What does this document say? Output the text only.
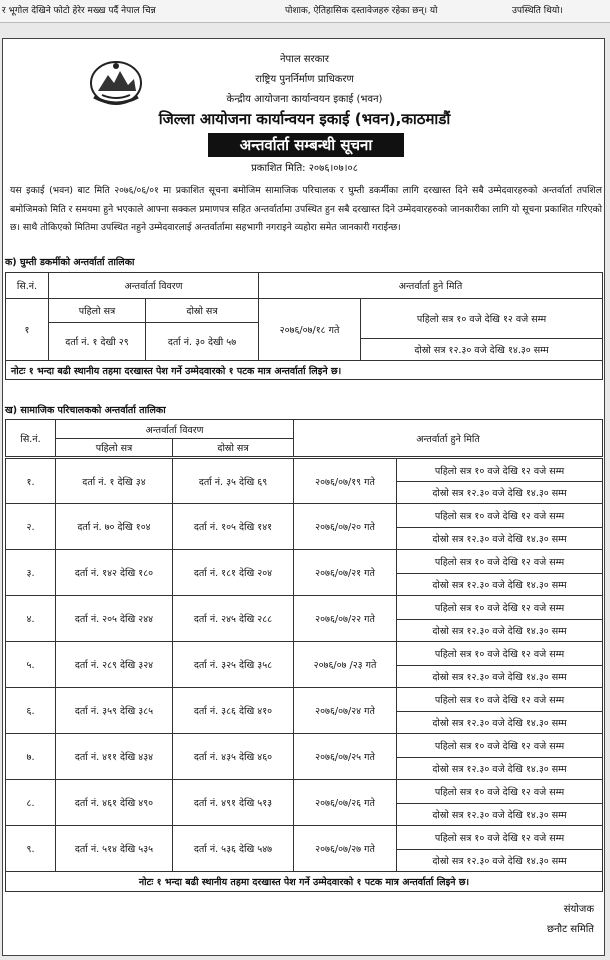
र भूगोल देखिने फोटो हेरेर मख्ख पर्दै नेपाल चिन्न	पोशाक, ऐतिहासिक दस्तावेजहरु रहेका छन्। यो	उपस्थिति थियो।
नेपाल सरकार
राष्ट्रिय पुनर्निर्माण प्राधिकरण
केन्द्रीय आयोजना कार्यान्वयन इकाई (भवन)
जिल्ला आयोजना कार्यान्वयन इकाई (भवन),काठमाडौं
अन्तर्वार्ता सम्बन्धी सूचना
प्रकाशित मिति: २०७६।०७।०८
यस इकाई (भवन) बाट मिति २०७६/०६/०१ मा प्रकाशित सूचना बमोजिम सामाजिक परिचालक र घुम्ती डकर्मीका लागि दरखास्त दिने सबै उम्मेदवारहरुको अन्तर्वार्ता तपशिल बमोजिमको मिति र समयमा हुने भएकाले आफ्ना सक्कल प्रमाणपत्र सहित अन्तर्वार्तामा उपस्थित हुन सबै दरखास्त दिने उम्मेदवारहरुको जानकारीका लागि यो सूचना प्रकाशित गरिएको छ। साथै तोकिएको मितिमा उपस्थित नहुने उम्मेदवारलाई अन्तर्वार्तामा सहभागी नगराइने व्यहोरा समेत जानकारी गराईन्छ।
क) घुम्ती डकर्मीको अन्तर्वार्ता तालिका
सि.नं.	अन्तर्वार्ता विवरण		अन्तर्वार्ता हुने मिति	
१	पहिलो सत्र	दोस्रो सत्र	२०७६/०७/१८ गते	पहिलो सत्र १० वजे देखि १२ वजे सम्म
	दर्ता नं. १ देखी २९	दर्ता नं. ३० देखी ५७		
				दोस्रो सत्र १२.३० वजे देखि १४.३० सम्म
नोटः १ भन्दा बढी स्थानीय तहमा दरखास्त पेश गर्ने उम्मेदवारको १ पटक मात्र अन्तर्वार्ता लिइने छ।				
ख) सामाजिक परिचालकको अन्तर्वार्ता तालिका
सि.नं.	अन्तर्वार्ता विवरण		अन्तर्वार्ता हुने मिति	
	पहिलो सत्र	दोस्रो सत्र		
१.	दर्ता नं. १ देखि ३४	दर्ता नं. ३५ देखि ६९	२०७६/०७/१९ गते	पहिलो सत्र १० वजे देखि १२ वजे सम्म
				दोस्रो सत्र १२.३० वजे देखि १४.३० सम्म
२.	दर्ता नं. ७० देखि १०४	दर्ता नं. १०५ देखि १४१	२०७६/०७/२० गते	पहिलो सत्र १० वजे देखि १२ वजे सम्म
				दोस्रो सत्र १२.३० वजे देखि १४.३० सम्म
३.	दर्ता नं. १४२ देखि १८०	दर्ता नं. १८१ देखि २०४	२०७६/०७/२१ गते	पहिलो सत्र १० वजे देखि १२ वजे सम्म
				दोस्रो सत्र १२.३० वजे देखि १४.३० सम्म
४.	दर्ता नं. २०५ देखि २४४	दर्ता नं. २४५ देखि २८८	२०७६/०७/२२ गते	पहिलो सत्र १० वजे देखि १२ वजे सम्म
				दोस्रो सत्र १२.३० वजे देखि १४.३० सम्म
५.	दर्ता नं. २८९ देखि ३२४	दर्ता नं. ३२५ देखि ३५८	२०७६/०७ /२३ गते	पहिलो सत्र १० वजे देखि १२ वजे सम्म
				दोस्रो सत्र १२.३० वजे देखि १४.३० सम्म
६.	दर्ता नं. ३५९ देखि ३८५	दर्ता नं. ३८६ देखि ४१०	२०७६/०७/२४ गते	पहिलो सत्र १० वजे देखि १२ वजे सम्म
				दोस्रो सत्र १२.३० वजे देखि १४.३० सम्म
७.	दर्ता नं. ४११ देखि ४३४	दर्ता नं. ४३५ देखि ४६०	२०७६/०७/२५ गते	पहिलो सत्र १० वजे देखि १२ वजे सम्म
				दोस्रो सत्र १२.३० वजे देखि १४.३० सम्म
८.	दर्ता नं. ४६१ देखि ४९०	दर्ता नं. ४९१ देखि ५१३	२०७६/०७/२६ गते	पहिलो सत्र १० वजे देखि १२ वजे सम्म
				दोस्रो सत्र १२.३० वजे देखि १४.३० सम्म
९.	दर्ता नं. ५१४ देखि ५३५	दर्ता नं. ५३६ देखि ५४७	२०७६/०७/२७ गते	पहिलो सत्र १० वजे देखि १२ वजे सम्म
				दोस्रो सत्र १२.३० वजे देखि १४.३० सम्म
नोटः १ भन्दा बढी स्थानीय तहमा दरखास्त पेश गर्ने उम्मेदवारको १ पटक मात्र अन्तर्वार्ता लिइने छ।				
संयोजक
छनौट समिति
